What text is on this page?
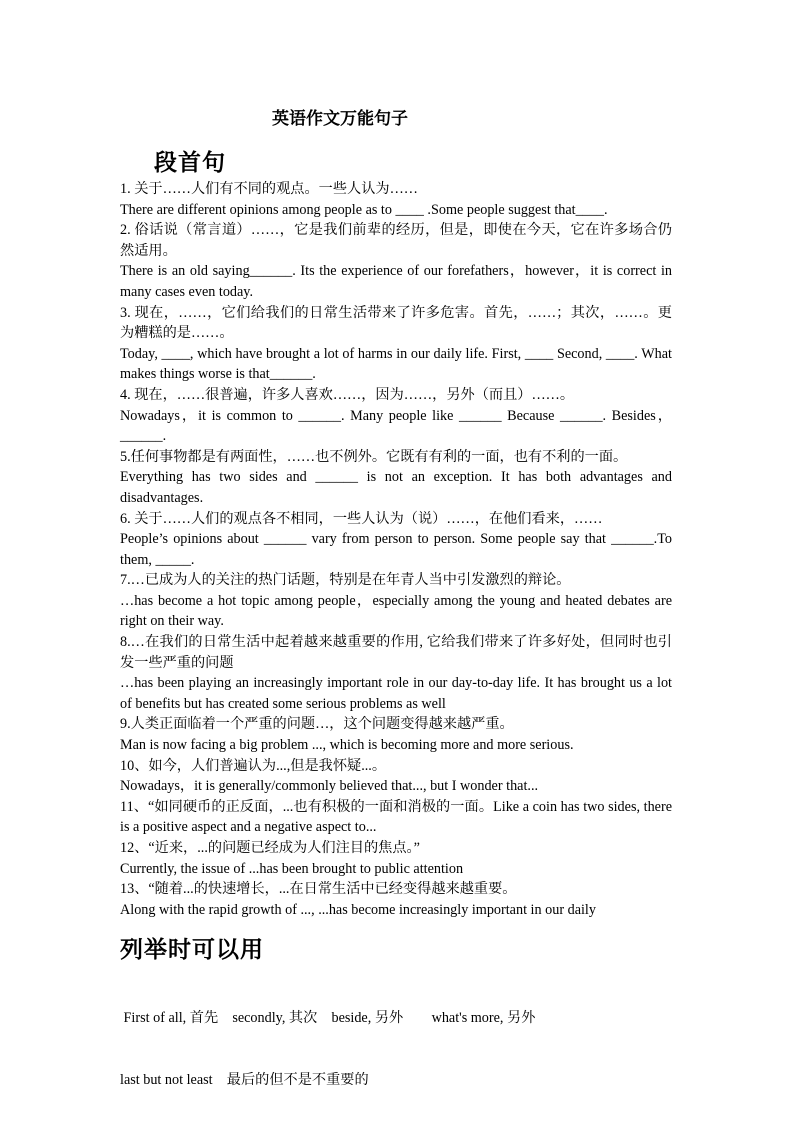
英语作文万能句子
段首句

1. 关于……人们有不同的观点。一些人认为……

There are different opinions among people as to ____ .Some people suggest that____.

2. 俗话说（常言道）……，它是我们前辈的经历，但是，即使在今天，它在许多场合仍然适用。

There is an old saying______. Its the experience of our forefathers，however，it is correct in many cases even today.

3. 现在，……，它们给我们的日常生活带来了许多危害。首先，……；其次，……。更为糟糕的是……。

Today, ____, which have brought a lot of harms in our daily life. First, ____ Second, ____. What makes things worse is that______.

4. 现在，……很普遍，许多人喜欢……，因为……，另外（而且）……。

Nowadays，it is common to ______. Many people like ______ Because ______. Besides，______.

5.任何事物都是有两面性，……也不例外。它既有有利的一面，也有不利的一面。

Everything has two sides and ______ is not an exception. It has both advantages and disadvantages.

6. 关于……人们的观点各不相同，一些人认为（说）……，在他们看来，……

People’s opinions about ______ vary from person to person. Some people say that ______.To them, _____.

7.…已成为人的关注的热门话题，特别是在年青人当中引发激烈的辩论。

…has become a hot topic among people，especially among the young and heated debates are right on their way.

8.…在我们的日常生活中起着越来越重要的作用, 它给我们带来了许多好处，但同时也引发一些严重的问题

…has been playing an increasingly important role in our day-to-day life. It has brought us a lot of benefits but has created some serious problems as well

9.人类正面临着一个严重的问题…，这个问题变得越来越严重。

Man is now facing a big problem ..., which is becoming more and more serious.

10、如今，人们普遍认为...,但是我怀疑...。

Nowadays，it is generally/commonly believed that..., but I wonder that...

11、“如同硬币的正反面，...也有积极的一面和消极的一面。Like a coin has two sides, there is a positive aspect and a negative aspect to...

12、“近来，...的问题已经成为人们注目的焦点。”

Currently, the issue of ...has been brought to public attention

13、“随着...的快速增长，...在日常生活中已经变得越来越重要。

Along with the rapid growth of ..., ...has become increasingly important in our daily

列举时可以用

First of all, 首先    secondly, 其次    beside, 另外        what's more, 另外

last but not least    最后的但不是不重要的
